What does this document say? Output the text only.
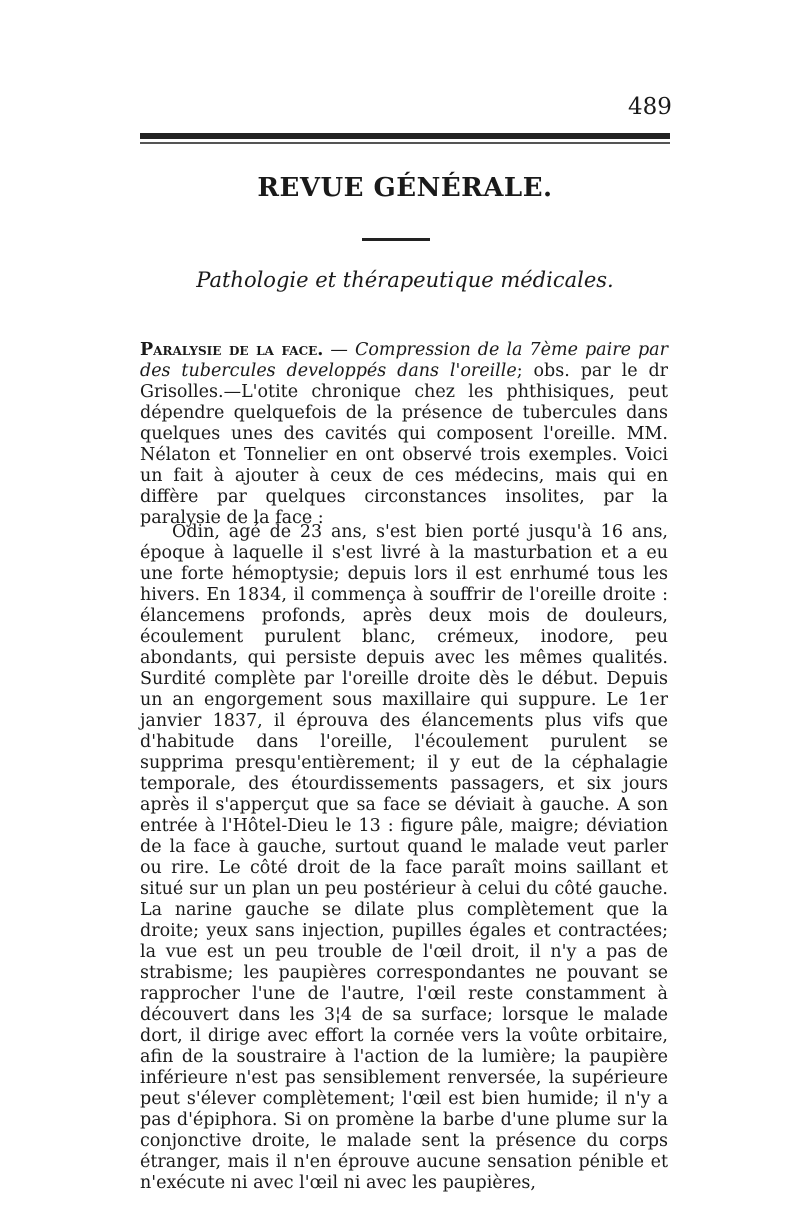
489
REVUE GÉNÉRALE.
Pathologie et thérapeutique médicales.

Paralysie de la face. — Compression de la 7ème paire par des tubercules developpés dans l'oreille; obs. par le dr Grisolles.—L'otite chronique chez les phthisiques, peut dépendre quelquefois de la présence de tubercules dans quelques unes des cavités qui composent l'oreille. MM. Nélaton et Tonnelier en ont observé trois exemples. Voici un fait à ajouter à ceux de ces médecins, mais qui en diffère par quelques circonstances insolites, par la paralysie de la face :

Odin, agé de 23 ans, s'est bien porté jusqu'à 16 ans, époque à laquelle il s'est livré à la masturbation et a eu une forte hémoptysie; depuis lors il est enrhumé tous les hivers. En 1834, il commença à souffrir de l'oreille droite : élancemens profonds, après deux mois de douleurs, écoulement purulent blanc, crémeux, inodore, peu abondants, qui persiste depuis avec les mêmes qualités. Surdité complète par l'oreille droite dès le début. Depuis un an engorgement sous maxillaire qui suppure. Le 1er janvier 1837, il éprouva des élancements plus vifs que d'habitude dans l'oreille, l'écoulement purulent se supprima presqu'entièrement; il y eut de la céphalagie temporale, des étourdissements passagers, et six jours après il s'apperçut que sa face se déviait à gauche. A son entrée à l'Hôtel-Dieu le 13 : figure pâle, maigre; déviation de la face à gauche, surtout quand le malade veut parler ou rire. Le côté droit de la face paraît moins saillant et situé sur un plan un peu postérieur à celui du côté gauche. La narine gauche se dilate plus complètement que la droite; yeux sans injection, pupilles égales et contractées; la vue est un peu trouble de l'œil droit, il n'y a pas de strabisme; les paupières correspondantes ne pouvant se rapprocher l'une de l'autre, l'œil reste constamment à découvert dans les 3¦4 de sa surface; lorsque le malade dort, il dirige avec effort la cornée vers la voûte orbitaire, afin de la soustraire à l'action de la lumière; la paupière inférieure n'est pas sensiblement renversée, la supérieure peut s'élever complètement; l'œil est bien humide; il n'y a pas d'épiphora. Si on promène la barbe d'une plume sur la conjonctive droite, le malade sent la présence du corps étranger, mais il n'en éprouve aucune sensation pénible et n'exécute ni avec l'œil ni avec les paupières,
